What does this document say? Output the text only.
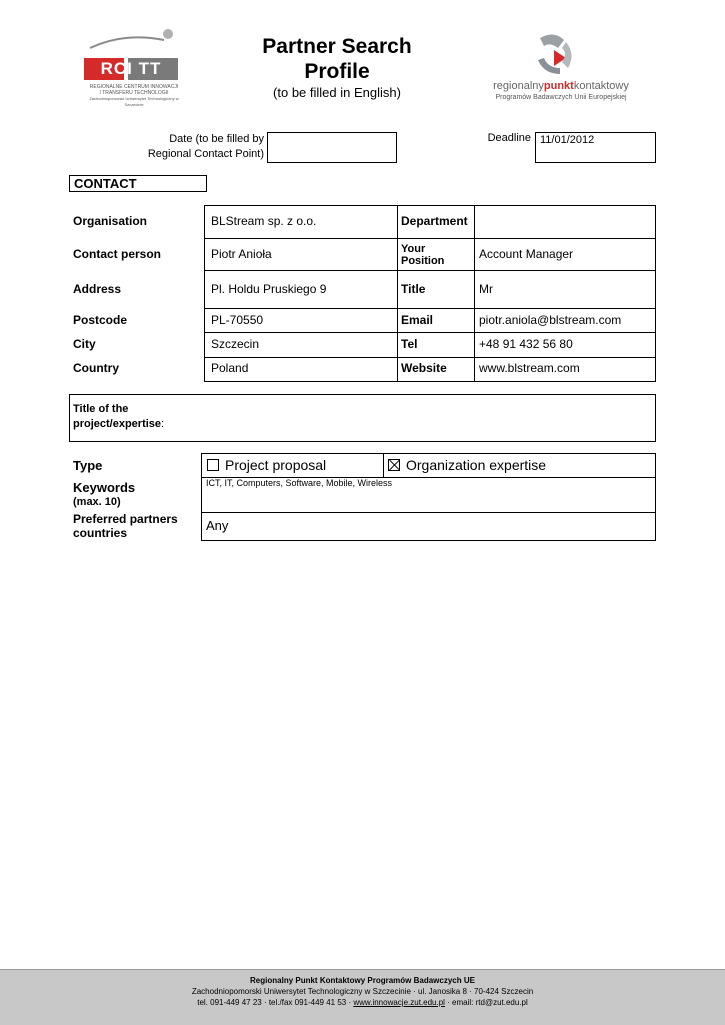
RCI TT
REGIONALNE CENTRUM INNOWACJI
I TRANSFERU TECHNOLOGII
Zachodniopomorski Uniwersytet Technologiczny w Szczecinie
Partner Search
Profile
(to be filled in English)	regionalnypunktkontaktowy
Programów Badawczych Unii Europejskiej
Date (to be filled by
Regional Contact Point)
Deadline 11/01/2012
CONTACT
Organisation	BLStream sp. z o.o.	Department
Contact person	Piotr Anioła	Your
Position	Account Manager
Address	Pl. Holdu Pruskiego 9	Title	Mr
Postcode	PL-70550	Email	piotr.aniola@blstream.com
City	Szczecin	Tel	+48 91 432 56 80
Country	Poland	Website	www.blstream.com
Title of the
project/expertise:
Type	Project proposal	Organization expertise
Keywords
(max. 10)
ICT, IT, Computers, Software, Mobile, Wireless
Preferred partners
countries	Any
Regionalny Punkt Kontaktowy Programów Badawczych UE
Zachodniopomorski Uniwersytet Technologiczny w Szczecinie · ul. Janosika 8 · 70-424 Szczecin
tel. 091-449 47 23 · tel./fax 091-449 41 53 · www.innowacje.zut.edu.pl · email: rtd@zut.edu.pl
